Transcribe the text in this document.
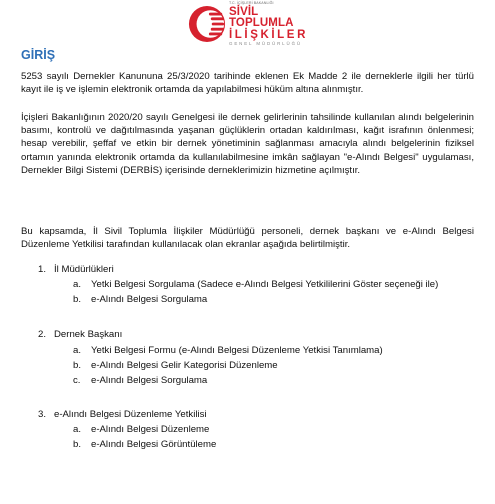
T.C. İÇİŞLERİ BAKANLIĞI
SİVİL TOPLUMLA
İLİŞKİLER
GENEL MÜDÜRLÜĞÜ
GİRİŞ
5253 sayılı Dernekler Kanununa 25/3/2020 tarihinde eklenen Ek Madde 2 ile derneklerle ilgili her türlü kayıt ile iş ve işlemin elektronik ortamda da yapılabilmesi hüküm altına alınmıştır.
İçişleri Bakanlığının 2020/20 sayılı Genelgesi ile dernek gelirlerinin tahsilinde kullanılan alındı belgelerinin basımı, kontrolü ve dağıtılmasında yaşanan güçlüklerin ortadan kaldırılması, kağıt israfının önlenmesi; hesap verebilir, şeffaf ve etkin bir dernek yönetiminin sağlanması amacıyla alındı belgelerinin fiziksel ortamın yanında elektronik ortamda da kullanılabilmesine imkân sağlayan "e-Alındı Belgesi" uygulaması, Dernekler Bilgi Sistemi (DERBİS) içerisinde derneklerimizin hizmetine açılmıştır.
Bu kapsamda, İl Sivil Toplumla İlişkiler Müdürlüğü personeli, dernek başkanı ve e-Alındı Belgesi Düzenleme Yetkilisi tarafından kullanılacak olan ekranlar aşağıda belirtilmiştir.
1. İl Müdürlükleri
a. Yetki Belgesi Sorgulama (Sadece e-Alındı Belgesi Yetkililerini Göster seçeneği ile)
b. e-Alındı Belgesi Sorgulama
2. Dernek Başkanı
a. Yetki Belgesi Formu (e-Alındı Belgesi Düzenleme Yetkisi Tanımlama)
b. e-Alındı Belgesi Gelir Kategorisi Düzenleme
c. e-Alındı Belgesi Sorgulama
3. e-Alındı Belgesi Düzenleme Yetkilisi
a. e-Alındı Belgesi Düzenleme
b. e-Alındı Belgesi Görüntüleme
